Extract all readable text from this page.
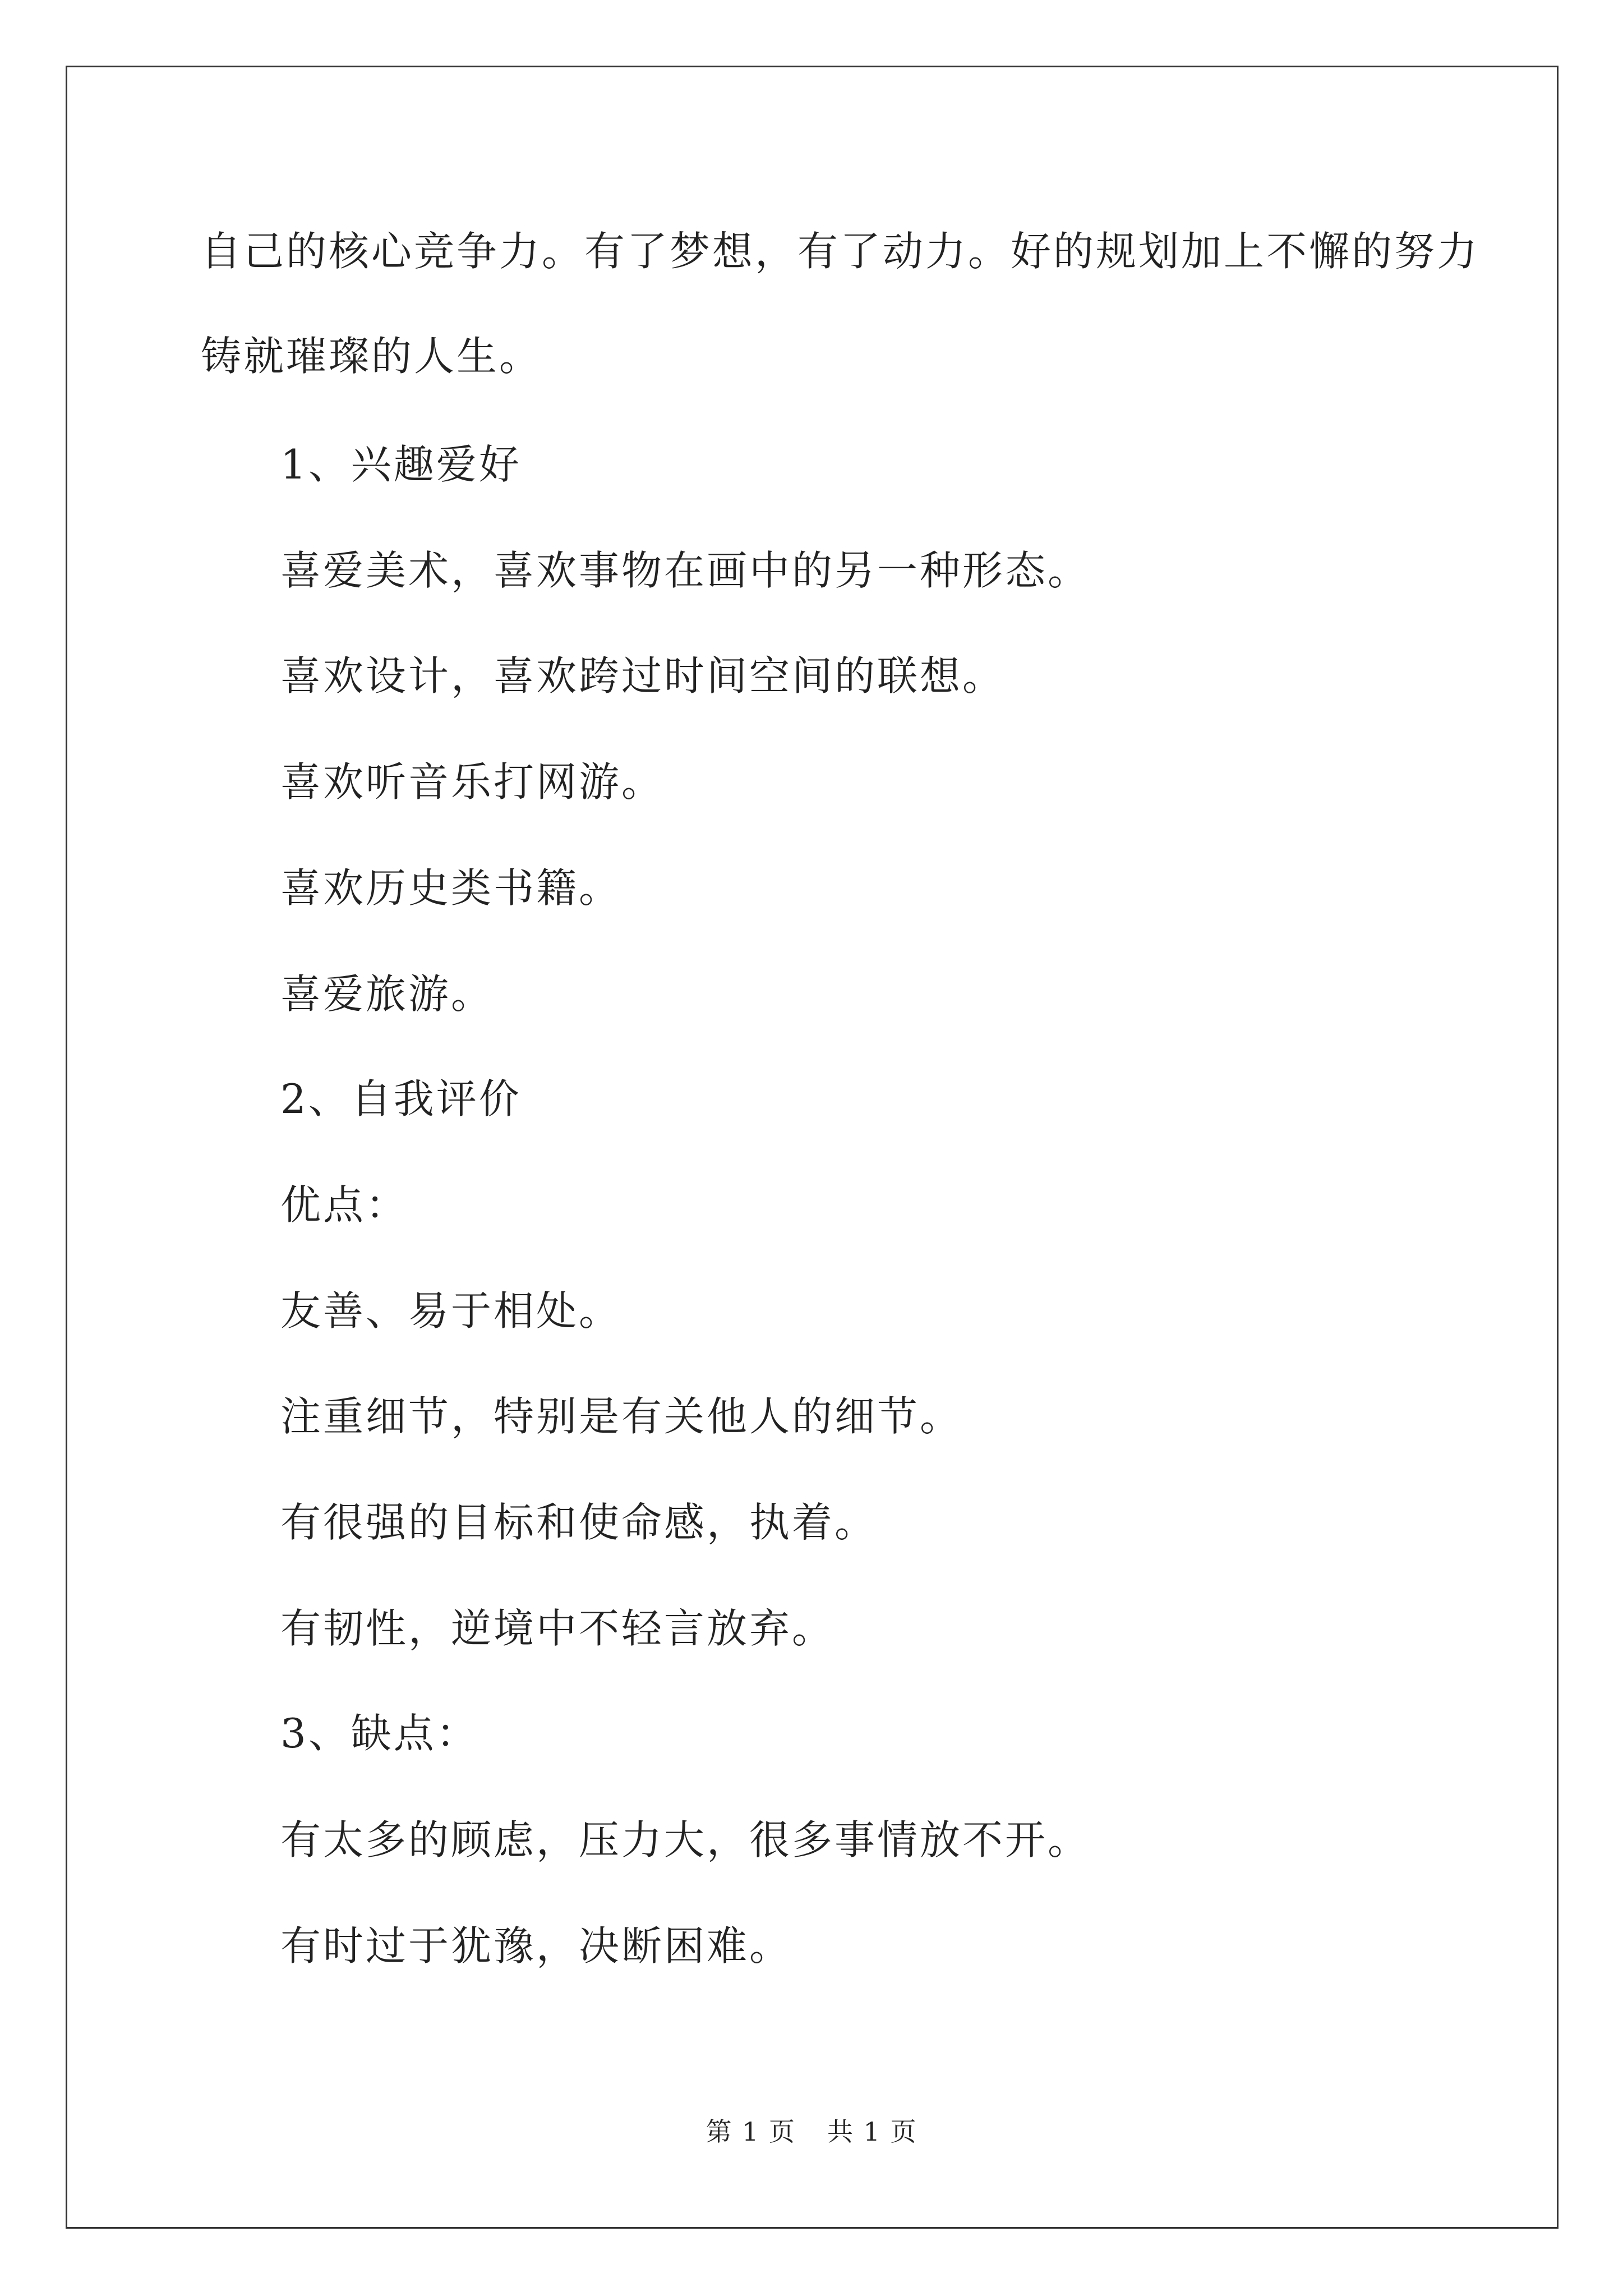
自己的核心竞争力。有了梦想，有了动力。好的规划加上不懈的努力
铸就璀璨的人生。
1、兴趣爱好
喜爱美术，喜欢事物在画中的另一种形态。
喜欢设计，喜欢跨过时间空间的联想。
喜欢听音乐打网游。
喜欢历史类书籍。
喜爱旅游。
2、自我评价
优点：
友善、易于相处。
注重细节，特别是有关他人的细节。
有很强的目标和使命感，执着。
有韧性，逆境中不轻言放弃。
3、缺点：
有太多的顾虑，压力大，很多事情放不开。
有时过于犹豫，决断困难。
第 1 页 共 1 页
